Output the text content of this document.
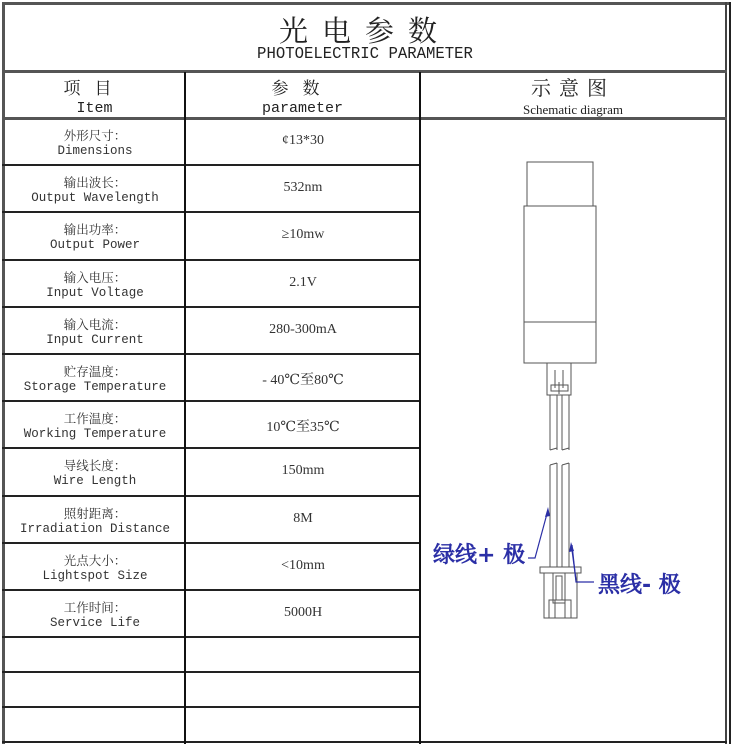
光电参数
PHOTOELECTRIC PARAMETER
项目
Item
参数
parameter
示意图
Schematic diagram
外形尺寸：
Dimensions
¢13*30
输出波长：
Output Wavelength
532nm
输出功率：
Output Power
≥10mw
输入电压：
Input Voltage
2.1V
输入电流：
Input Current
280-300mA
贮存温度：
Storage Temperature	- 40℃至80℃
工作温度：
Working Temperature	10℃至35℃
导线长度：
Wire Length
150mm
照射距离：
Irradiation Distance
8M
光点大小：
Lightspot Size
<10mm
工作时间：
Service Life
5000H
绿线+ 极
黑线- 极
